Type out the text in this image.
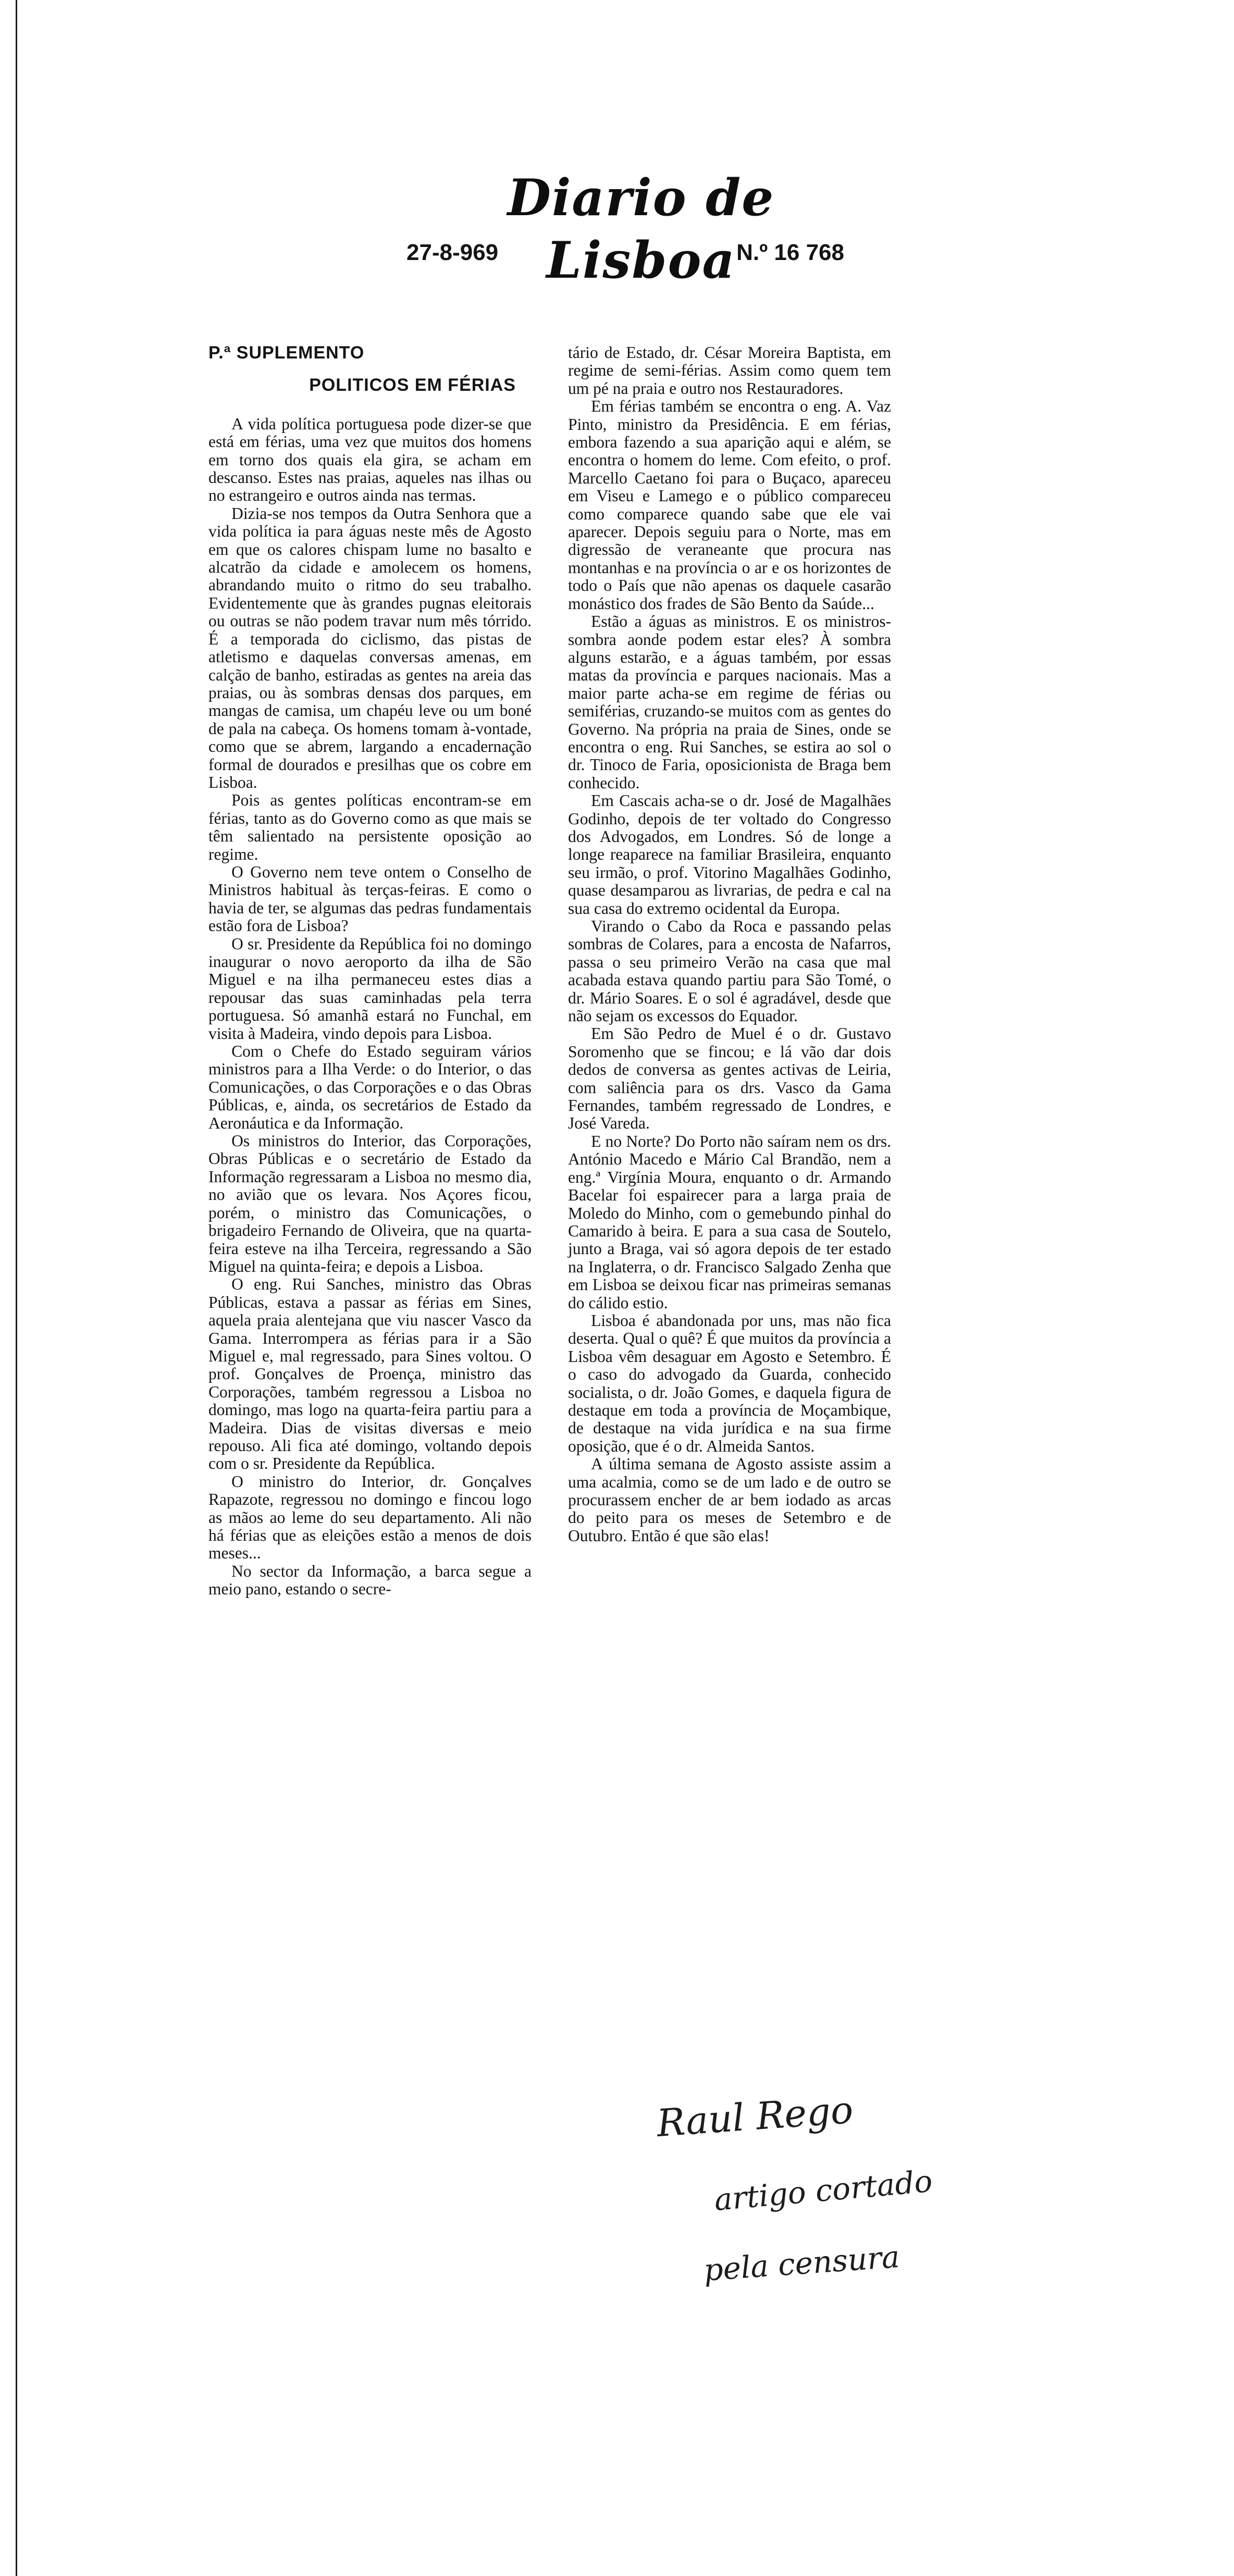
Diario de Lisboa
27-8-969	N.º 16 768
P.ª SUPLEMENTO
POLITICOS EM FÉRIAS

A vida política portuguesa pode dizer-se que está em férias, uma vez que muitos dos homens em torno dos quais ela gira, se acham em descanso. Estes nas praias, aqueles nas ilhas ou no estrangeiro e outros ainda nas termas.

Dizia-se nos tempos da Outra Senhora que a vida política ia para águas neste mês de Agosto em que os calores chispam lume no basalto e alcatrão da cidade e amolecem os homens, abrandando muito o ritmo do seu trabalho. Evidentemente que às grandes pugnas eleitorais ou outras se não podem travar num mês tórrido. É a temporada do ciclismo, das pistas de atletismo e daquelas conversas amenas, em calção de banho, estiradas as gentes na areia das praias, ou às sombras densas dos parques, em mangas de camisa, um chapéu leve ou um boné de pala na cabeça. Os homens tomam à-vontade, como que se abrem, largando a encadernação formal de dourados e presilhas que os cobre em Lisboa.

Pois as gentes políticas encontram-se em férias, tanto as do Governo como as que mais se têm salientado na persistente oposição ao regime.

O Governo nem teve ontem o Conselho de Ministros habitual às terças-feiras. E como o havia de ter, se algumas das pedras fundamentais estão fora de Lisboa?

O sr. Presidente da República foi no domingo inaugurar o novo aeroporto da ilha de São Miguel e na ilha permaneceu estes dias a repousar das suas caminhadas pela terra portuguesa. Só amanhã estará no Funchal, em visita à Madeira, vindo depois para Lisboa.

Com o Chefe do Estado seguiram vários ministros para a Ilha Verde: o do Interior, o das Comunicações, o das Corporações e o das Obras Públicas, e, ainda, os secretários de Estado da Aeronáutica e da Informação.

Os ministros do Interior, das Corporações, Obras Públicas e o secretário de Estado da Informação regressaram a Lisboa no mesmo dia, no avião que os levara. Nos Açores ficou, porém, o ministro das Comunicações, o brigadeiro Fernando de Oliveira, que na quarta-feira esteve na ilha Terceira, regressando a São Miguel na quinta-feira; e depois a Lisboa.

O eng. Rui Sanches, ministro das Obras Públicas, estava a passar as férias em Sines, aquela praia alentejana que viu nascer Vasco da Gama. Interrompera as férias para ir a São Miguel e, mal regressado, para Sines voltou. O prof. Gonçalves de Proença, ministro das Corporações, também regressou a Lisboa no domingo, mas logo na quarta-feira partiu para a Madeira. Dias de visitas diversas e meio repouso. Ali fica até domingo, voltando depois com o sr. Presidente da República.

O ministro do Interior, dr. Gonçalves Rapazote, regressou no domingo e fincou logo as mãos ao leme do seu departamento. Ali não há férias que as eleições estão a menos de dois meses...

No sector da Informação, a barca segue a meio pano, estando o secre-

tário de Estado, dr. César Moreira Baptista, em regime de semi-férias. Assim como quem tem um pé na praia e outro nos Restauradores.

Em férias também se encontra o eng. A. Vaz Pinto, ministro da Presidência. E em férias, embora fazendo a sua aparição aqui e além, se encontra o homem do leme. Com efeito, o prof. Marcello Caetano foi para o Buçaco, apareceu em Viseu e Lamego e o público compareceu como comparece quando sabe que ele vai aparecer. Depois seguiu para o Norte, mas em digressão de veraneante que procura nas montanhas e na província o ar e os horizontes de todo o País que não apenas os daquele casarão monástico dos frades de São Bento da Saúde...

Estão a águas as ministros. E os ministros-sombra aonde podem estar eles? À sombra alguns estarão, e a águas também, por essas matas da província e parques nacionais. Mas a maior parte acha-se em regime de férias ou semiférias, cruzando-se muitos com as gentes do Governo. Na própria na praia de Sines, onde se encontra o eng. Rui Sanches, se estira ao sol o dr. Tinoco de Faria, oposicionista de Braga bem conhecido.

Em Cascais acha-se o dr. José de Magalhães Godinho, depois de ter voltado do Congresso dos Advogados, em Londres. Só de longe a longe reaparece na familiar Brasileira, enquanto seu irmão, o prof. Vitorino Magalhães Godinho, quase desamparou as livrarias, de pedra e cal na sua casa do extremo ocidental da Europa.

Virando o Cabo da Roca e passando pelas sombras de Colares, para a encosta de Nafarros, passa o seu primeiro Verão na casa que mal acabada estava quando partiu para São Tomé, o dr. Mário Soares. E o sol é agradável, desde que não sejam os excessos do Equador.

Em São Pedro de Muel é o dr. Gustavo Soromenho que se fincou; e lá vão dar dois dedos de conversa as gentes activas de Leiria, com saliência para os drs. Vasco da Gama Fernandes, também regressado de Londres, e José Vareda.

E no Norte? Do Porto não saíram nem os drs. António Macedo e Mário Cal Brandão, nem a eng.ª Virgínia Moura, enquanto o dr. Armando Bacelar foi espairecer para a larga praia de Moledo do Minho, com o gemebundo pinhal do Camarido à beira. E para a sua casa de Soutelo, junto a Braga, vai só agora depois de ter estado na Inglaterra, o dr. Francisco Salgado Zenha que em Lisboa se deixou ficar nas primeiras semanas do cálido estio.

Lisboa é abandonada por uns, mas não fica deserta. Qual o quê? É que muitos da província a Lisboa vêm desaguar em Agosto e Setembro. É o caso do advogado da Guarda, conhecido socialista, o dr. João Gomes, e daquela figura de destaque em toda a província de Moçambique, de destaque na vida jurídica e na sua firme oposição, que é o dr. Almeida Santos.

A última semana de Agosto assiste assim a uma acalmia, como se de um lado e de outro se procurassem encher de ar bem iodado as arcas do peito para os meses de Setembro e de Outubro. Então é que são elas!

Raul Rego
artigo cortado
pela censura
